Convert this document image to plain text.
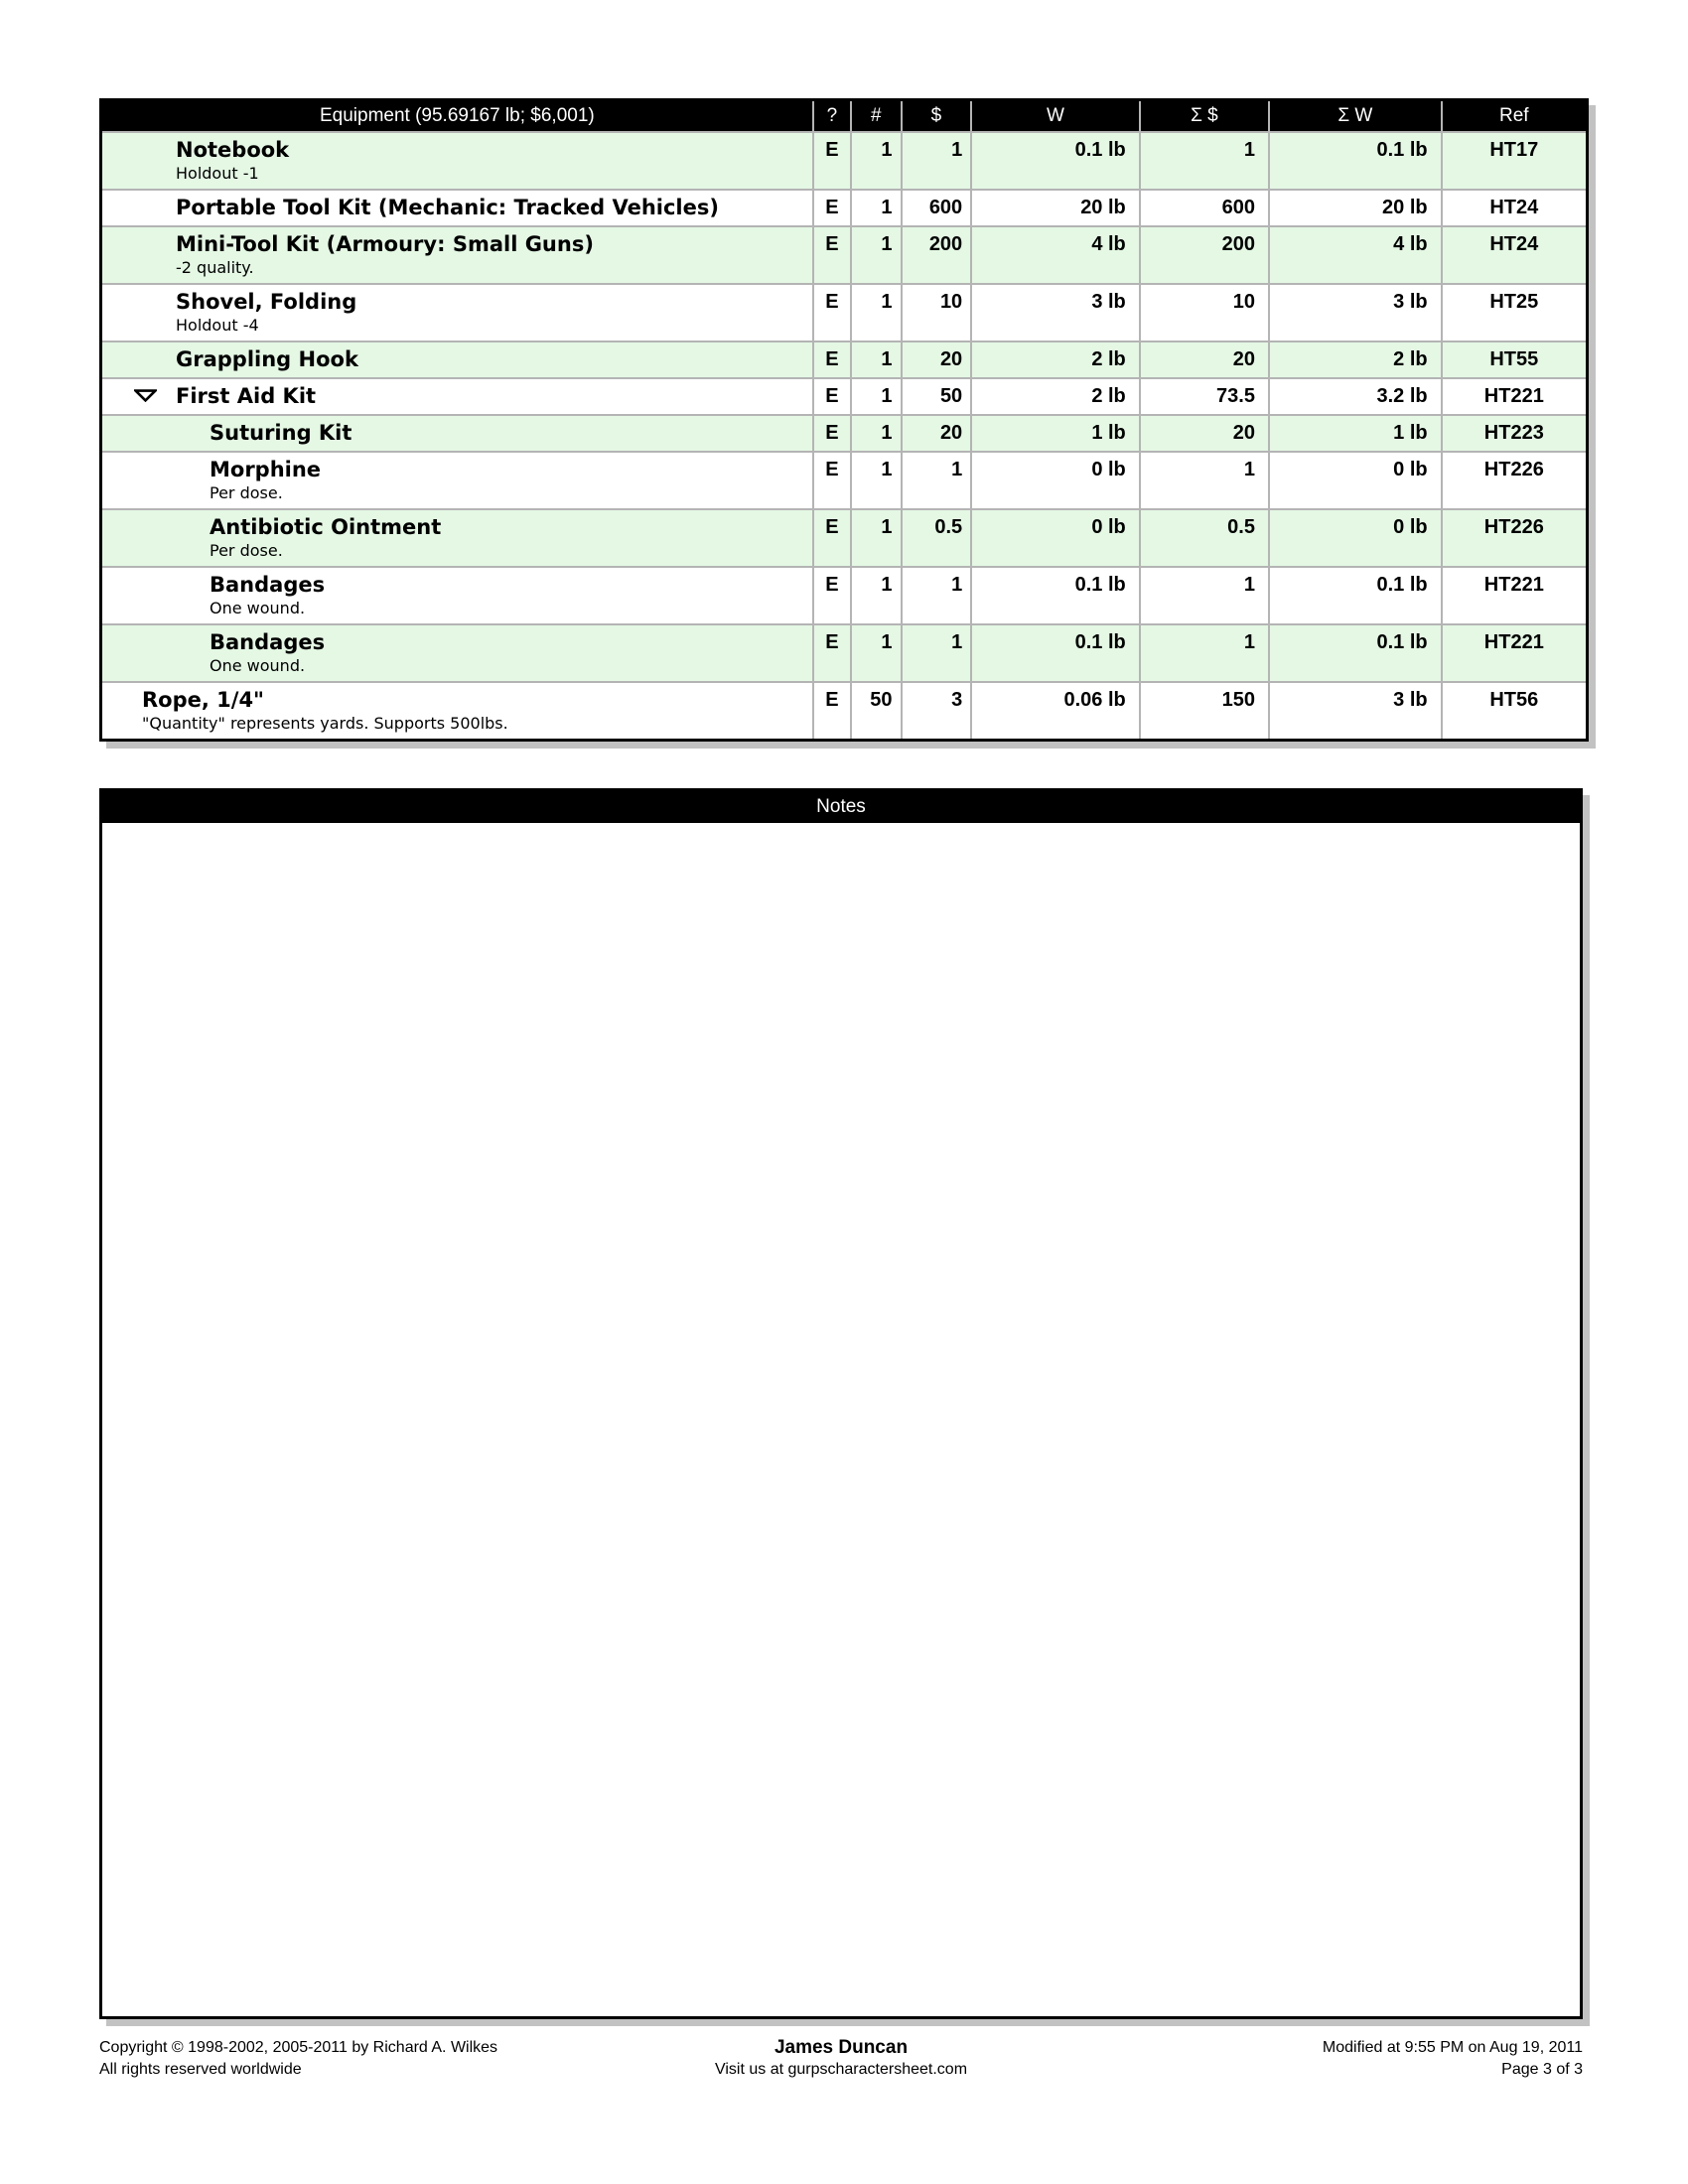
Equipment (95.69167 lb; $6,001)	?	#	$	W	Σ $	Σ W	Ref

Notebook
Holdout -1	E	1	1	0.1 lb	1	0.1 lb	HT17

Portable Tool Kit (Mechanic: Tracked Vehicles)	E	1	600	20 lb	600	20 lb	HT24

Mini-Tool Kit (Armoury: Small Guns)
-2 quality.	E	1	200	4 lb	200	4 lb	HT24

Shovel, Folding
Holdout -4	E	1	10	3 lb	10	3 lb	HT25

Grappling Hook	E	1	20	2 lb	20	2 lb	HT55

First Aid Kit	E	1	50	2 lb	73.5	3.2 lb	HT221

Suturing Kit	E	1	20	1 lb	20	1 lb	HT223

Morphine
Per dose.	E	1	1	0 lb	1	0 lb	HT226

Antibiotic Ointment
Per dose.	E	1	0.5	0 lb	0.5	0 lb	HT226

Bandages
One wound.	E	1	1	0.1 lb	1	0.1 lb	HT221

Bandages
One wound.	E	1	1	0.1 lb	1	0.1 lb	HT221

Rope, 1/4"
"Quantity" represents yards. Supports 500lbs.	E	50	3	0.06 lb	150	3 lb	HT56
Notes
Copyright © 1998-2002, 2005-2011 by Richard A. Wilkes
All rights reserved worldwide
James Duncan
Visit us at gurpscharactersheet.com
Modified at 9:55 PM on Aug 19, 2011
Page 3 of 3
